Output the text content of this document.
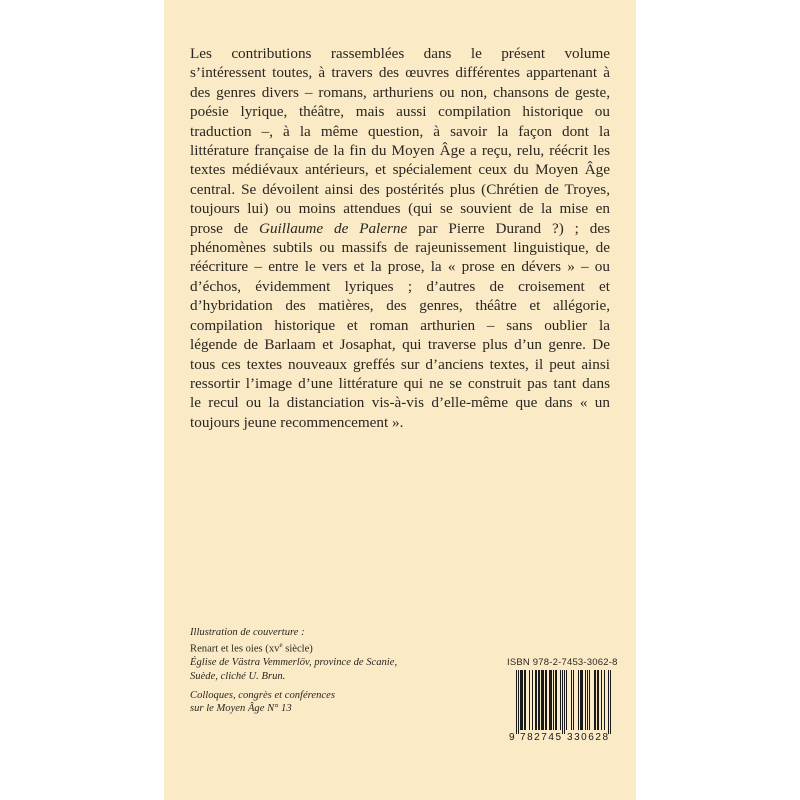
Les contributions rassemblées dans le présent volume
s’intéressent toutes, à travers des œuvres différentes appartenant à
des genres divers – romans, arthuriens ou non, chansons de geste,
poésie lyrique, théâtre, mais aussi compilation historique ou
traduction –, à la même question, à savoir la façon dont la
littérature française de la fin du Moyen Âge a reçu, relu, réécrit les
textes médiévaux antérieurs, et spécialement ceux du Moyen Âge
central. Se dévoilent ainsi des postérités plus (Chrétien de Troyes,
toujours lui) ou moins attendues (qui se souvient de la mise en
prose de Guillaume de Palerne par Pierre Durand ?) ; des
phénomènes subtils ou massifs de rajeunissement linguistique, de
réécriture – entre le vers et la prose, la « prose en dévers » – ou
d’échos, évidemment lyriques ; d’autres de croisement et
d’hybridation des matières, des genres, théâtre et allégorie,
compilation historique et roman arthurien – sans oublier la
légende de Barlaam et Josaphat, qui traverse plus d’un genre. De
tous ces textes nouveaux greffés sur d’anciens textes, il peut ainsi
ressortir l’image d’une littérature qui ne se construit pas tant dans
le recul ou la distanciation vis-à-vis d’elle-même que dans « un
toujours jeune recommencement ».

Illustration de couverture :
Renart et les oies ($xv^e$ siècle)
Église de Västra Vemmerlöv, province de Scanie,
Suède, cliché U. Brun.
Colloques, congrès et conférences
sur le Moyen Âge N° 13
ISBN 978-2-7453-3062-8
9 782745 330628
